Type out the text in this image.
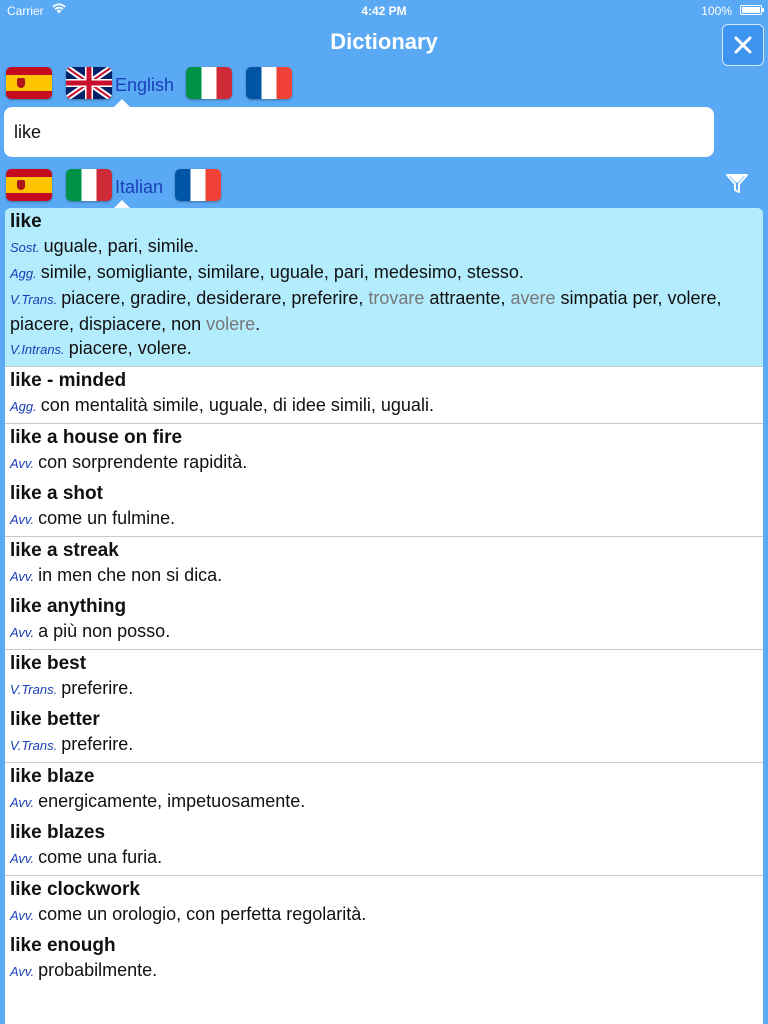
Carrier	4:42 PM	100%
Dictionary
English
like
Italian
like
Sost. uguale, pari, simile.
Agg. simile, somigliante, similare, uguale, pari, medesimo, stesso.
V.Trans. piacere, gradire, desiderare, preferire, trovare attraente, avere simpatia per, volere, piacere, dispiacere, non volere.
V.Intrans. piacere, volere.
like - minded
Agg. con mentalità simile, uguale, di idee simili, uguali.
like a house on fire
Avv. con sorprendente rapidità.
like a shot
Avv. come un fulmine.
like a streak
Avv. in men che non si dica.
like anything
Avv. a più non posso.
like best
V.Trans. preferire.
like better
V.Trans. preferire.
like blaze
Avv. energicamente, impetuosamente.
like blazes
Avv. come una furia.
like clockwork
Avv. come un orologio, con perfetta regolarità.
like enough
Avv. probabilmente.
